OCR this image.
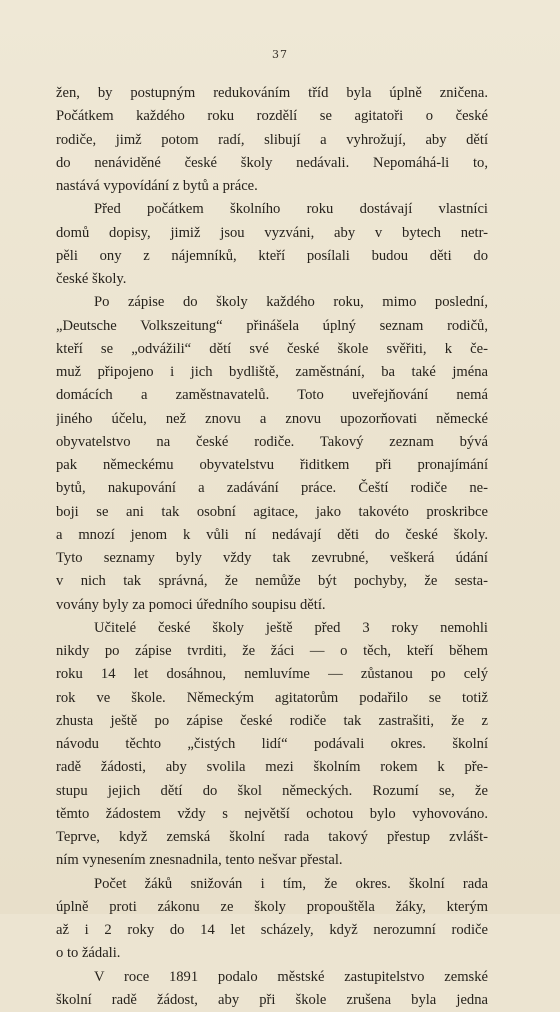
37
žen, by postupným redukováním tříd byla úplně zničena.
Počátkem každého roku rozdělí se agitatoři o české
rodiče, jimž potom radí, slibují a vyhrožují, aby dětí
do nenáviděné české školy nedávali. Nepomáhá-li to,
nastává vypovídání z bytů a práce.
Před počátkem školního roku dostávají vlastníci
domů dopisy, jimiž jsou vyzváni, aby v bytech netr-
pěli ony z nájemníků, kteří posílali budou děti do
české školy.
Po zápise do školy každého roku, mimo poslední,
„Deutsche Volkszeitung“ přinášela úplný seznam rodičů,
kteří se „odvážili“ dětí své české škole svěřiti, k če-
muž připojeno i jich bydliště, zaměstnání, ba také jména
domácích a zaměstnavatelů. Toto uveřejňování nemá
jiného účelu, než znovu a znovu upozorňovati německé
obyvatelstvo na české rodiče. Takový zeznam bývá
pak německému obyvatelstvu řiditkem při pronajímání
bytů, nakupování a zadávání práce. Čeští rodiče ne-
boji se ani tak osobní agitace, jako takovéto proskribce
a mnozí jenom k vůli ní nedávají děti do české školy.
Tyto seznamy byly vždy tak zevrubné, veškerá údání
v nich tak správná, že nemůže být pochyby, že sesta-
vovány byly za pomoci úředního soupisu dětí.
Učitelé české školy ještě před 3 roky nemohli
nikdy po zápise tvrditi, že žáci — o těch, kteří během
roku 14 let dosáhnou, nemluvíme — zůstanou po celý
rok ve škole. Německým agitatorům podařilo se totiž
zhusta ještě po zápise české rodiče tak zastrašiti, že z
návodu těchto „čistých lidí“ podávali okres. školní
radě žádosti, aby svolila mezi školním rokem k pře-
stupu jejich dětí do škol německých. Rozumí se, že
těmto žádostem vždy s největší ochotou bylo vyhovováno.
Teprve, když zemská školní rada takový přestup zvlášt-
ním vynesením znesnadnila, tento nešvar přestal.
Počet žáků snižován i tím, že okres. školní rada
úplně proti zákonu ze školy propouštěla žáky, kterým
až i 2 roky do 14 let scházely, když nerozumní rodiče
o to žádali.
V roce 1891 podalo městské zastupitelstvo zemské
školní radě žádost, aby při škole zrušena byla jedna
